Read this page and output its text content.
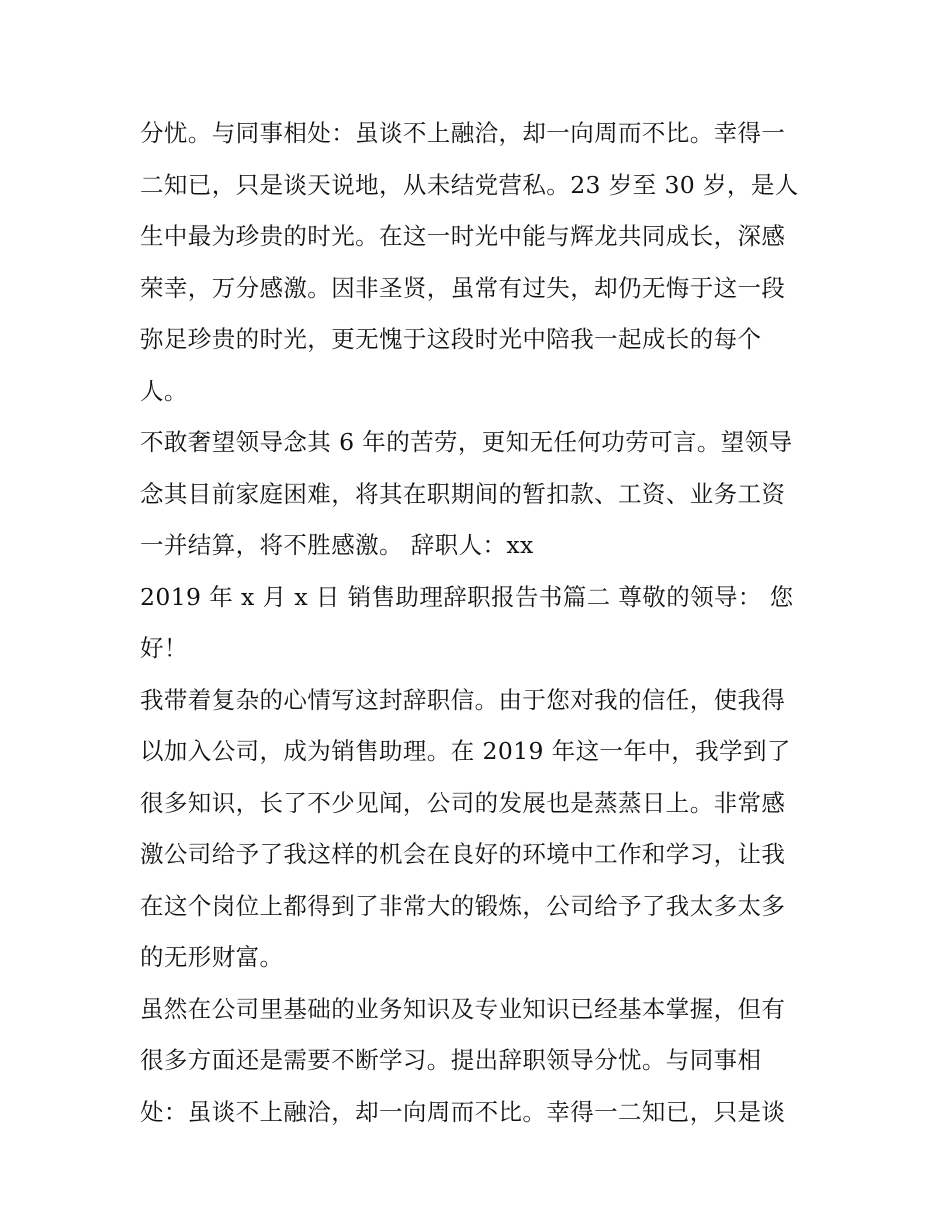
分忧。与同事相处：虽谈不上融洽，却一向周而不比。幸得一
二知已，只是谈天说地，从未结党营私。23 岁至 30 岁，是人
生中最为珍贵的时光。在这一时光中能与辉龙共同成长，深感
荣幸，万分感激。因非圣贤，虽常有过失，却仍无悔于这一段
弥足珍贵的时光，更无愧于这段时光中陪我一起成长的每个
人。
不敢奢望领导念其 6 年的苦劳，更知无任何功劳可言。望领导
念其目前家庭困难，将其在职期间的暂扣款、工资、业务工资
一并结算，将不胜感激。 辞职人：xx
2019 年 x 月 x 日 销售助理辞职报告书篇二 尊敬的领导： 您
好！
我带着复杂的心情写这封辞职信。由于您对我的信任，使我得
以加入公司，成为销售助理。在 2019 年这一年中，我学到了
很多知识，长了不少见闻，公司的发展也是蒸蒸日上。非常感
激公司给予了我这样的机会在良好的环境中工作和学习，让我
在这个岗位上都得到了非常大的锻炼，公司给予了我太多太多
的无形财富。
虽然在公司里基础的业务知识及专业知识已经基本掌握，但有
很多方面还是需要不断学习。提出辞职领导分忧。与同事相
处：虽谈不上融洽，却一向周而不比。幸得一二知已，只是谈
